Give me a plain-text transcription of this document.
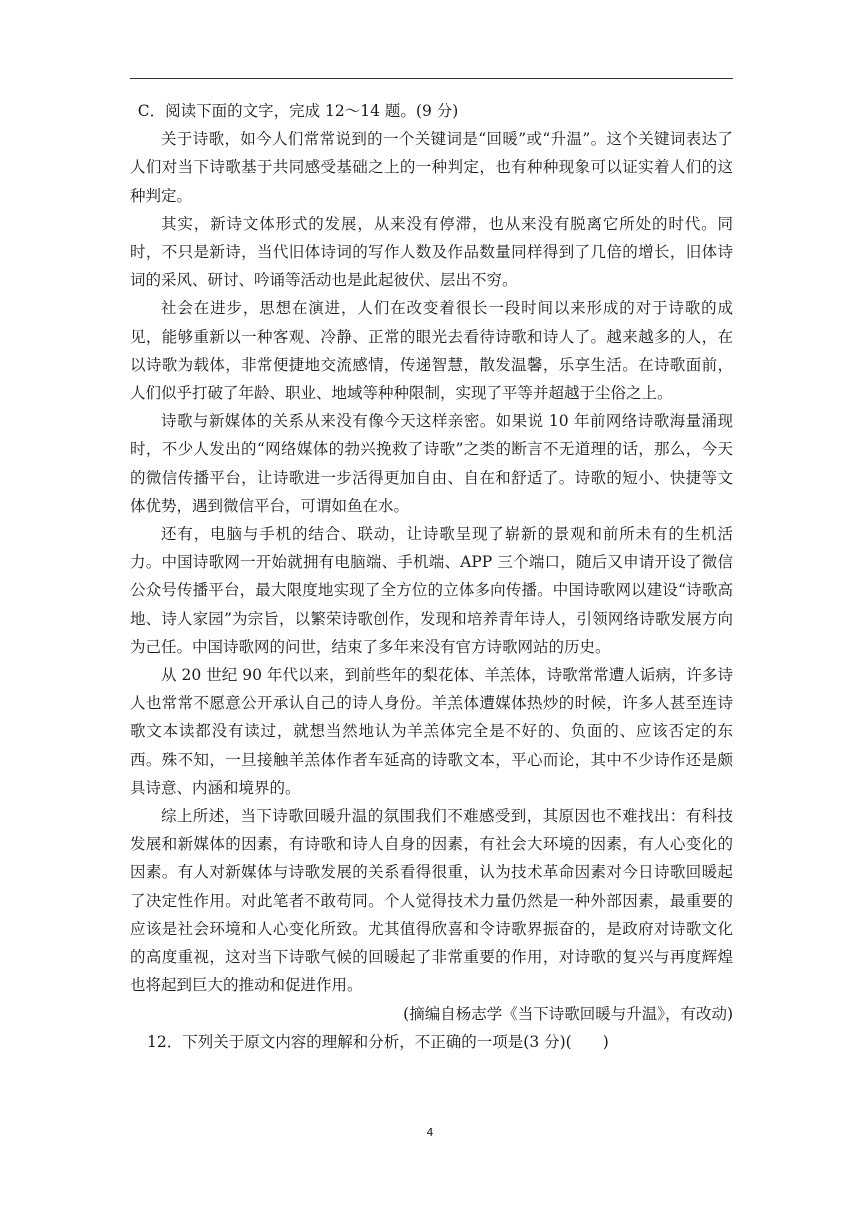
C．阅读下面的文字，完成 12～14 题。(9 分)

关于诗歌，如今人们常常说到的一个关键词是“回暖”或“升温”。这个关键词表达了人们对当下诗歌基于共同感受基础之上的一种判定，也有种种现象可以证实着人们的这种判定。

其实，新诗文体形式的发展，从来没有停滞，也从来没有脱离它所处的时代。同时，不只是新诗，当代旧体诗词的写作人数及作品数量同样得到了几倍的增长，旧体诗词的采风、研讨、吟诵等活动也是此起彼伏、层出不穷。

社会在进步，思想在演进，人们在改变着很长一段时间以来形成的对于诗歌的成见，能够重新以一种客观、冷静、正常的眼光去看待诗歌和诗人了。越来越多的人，在以诗歌为载体，非常便捷地交流感情，传递智慧，散发温馨，乐享生活。在诗歌面前，人们似乎打破了年龄、职业、地域等种种限制，实现了平等并超越于尘俗之上。

诗歌与新媒体的关系从来没有像今天这样亲密。如果说 10 年前网络诗歌海量涌现时，不少人发出的“网络媒体的勃兴挽救了诗歌”之类的断言不无道理的话，那么，今天的微信传播平台，让诗歌进一步活得更加自由、自在和舒适了。诗歌的短小、快捷等文体优势，遇到微信平台，可谓如鱼在水。

还有，电脑与手机的结合、联动，让诗歌呈现了崭新的景观和前所未有的生机活力。中国诗歌网一开始就拥有电脑端、手机端、APP 三个端口，随后又申请开设了微信公众号传播平台，最大限度地实现了全方位的立体多向传播。中国诗歌网以建设“诗歌高地、诗人家园”为宗旨，以繁荣诗歌创作，发现和培养青年诗人，引领网络诗歌发展方向为己任。中国诗歌网的问世，结束了多年来没有官方诗歌网站的历史。

从 20 世纪 90 年代以来，到前些年的梨花体、羊羔体，诗歌常常遭人诟病，许多诗人也常常不愿意公开承认自己的诗人身份。羊羔体遭媒体热炒的时候，许多人甚至连诗歌文本读都没有读过，就想当然地认为羊羔体完全是不好的、负面的、应该否定的东西。殊不知，一旦接触羊羔体作者车延高的诗歌文本，平心而论，其中不少诗作还是颇具诗意、内涵和境界的。

综上所述，当下诗歌回暖升温的氛围我们不难感受到，其原因也不难找出：有科技发展和新媒体的因素，有诗歌和诗人自身的因素，有社会大环境的因素，有人心变化的因素。有人对新媒体与诗歌发展的关系看得很重，认为技术革命因素对今日诗歌回暖起了决定性作用。对此笔者不敢苟同。个人觉得技术力量仍然是一种外部因素，最重要的应该是社会环境和人心变化所致。尤其值得欣喜和令诗歌界振奋的，是政府对诗歌文化的高度重视，这对当下诗歌气候的回暖起了非常重要的作用，对诗歌的复兴与再度辉煌也将起到巨大的推动和促进作用。

(摘编自杨志学《当下诗歌回暖与升温》，有改动)

12．下列关于原文内容的理解和分析，不正确的一项是(3 分)(　　)

4
